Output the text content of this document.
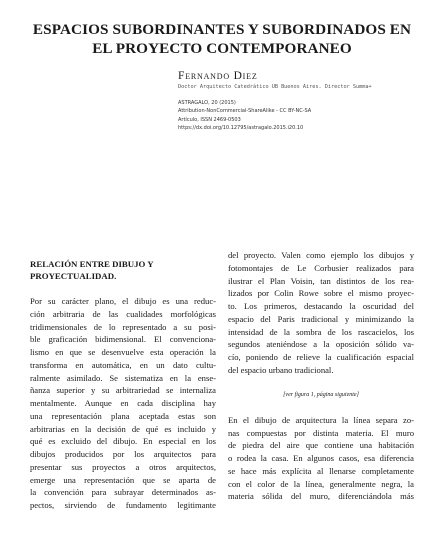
ESPACIOS SUBORDINANTES Y SUBORDINADOS EN
EL PROYECTO CONTEMPORANEO
Fernando Diez
Doctor Arquitecto Catedrático UB Buenos Aires. Director Summa+
ASTRAGALO, 20 (2015)
Attribution-NonCommercial-ShareAlike - CC BY-NC-SA
Artículo, ISSN 2469-0503
https://dx.doi.org/10.12795/astragalo.2015.i20.10
RELACIÓN ENTRE DIBUJO Y
PROYECTUALIDAD.
Por su carácter plano, el dibujo es una reduc-
ción arbitraria de las cualidades morfológicas
tridimensionales de lo representado a su posi-
ble graficación bidimensional. El convenciona-
lismo en que se desenvuelve esta operación la
transforma en automática, en un dato cultu-
ralmente asimilado. Se sistematiza en la ense-
ñanza superior y su arbitrariedad se internaliza
mentalmente. Aunque en cada disciplina hay
una representación plana aceptada estas son
arbitrarias en la decisión de qué es incluido y
qué es excluido del dibujo. En especial en los
dibujos producidos por los arquitectos para
presentar sus proyectos a otros arquitectos,
emerge una representación que se aparta de
la convención para subrayar determinados as-
pectos, sirviendo de fundamento legitimante
del proyecto. Valen como ejemplo los dibujos y
fotomontajes de Le Corbusier realizados para
ilustrar el Plan Voisin, tan distintos de los rea-
lizados por Colin Rowe sobre el mismo proyec-
to. Los primeros, destacando la oscuridad del
espacio del Paris tradicional y minimizando la
intensidad de la sombra de los rascacielos, los
segundos ateniéndose a la oposición sólido va-
cío, poniendo de relieve la cualificación espacial
del espacio urbano tradicional.
[ver figura 1, página siguiente]
En el dibujo de arquitectura la línea separa zo-
nas compuestas por distinta materia. El muro
de piedra del aire que contiene una habitación
o rodea la casa. En algunos casos, esa diferencia
se hace más explícita al llenarse completamente
con el color de la línea, generalmente negra, la
materia sólida del muro, diferenciándola más
